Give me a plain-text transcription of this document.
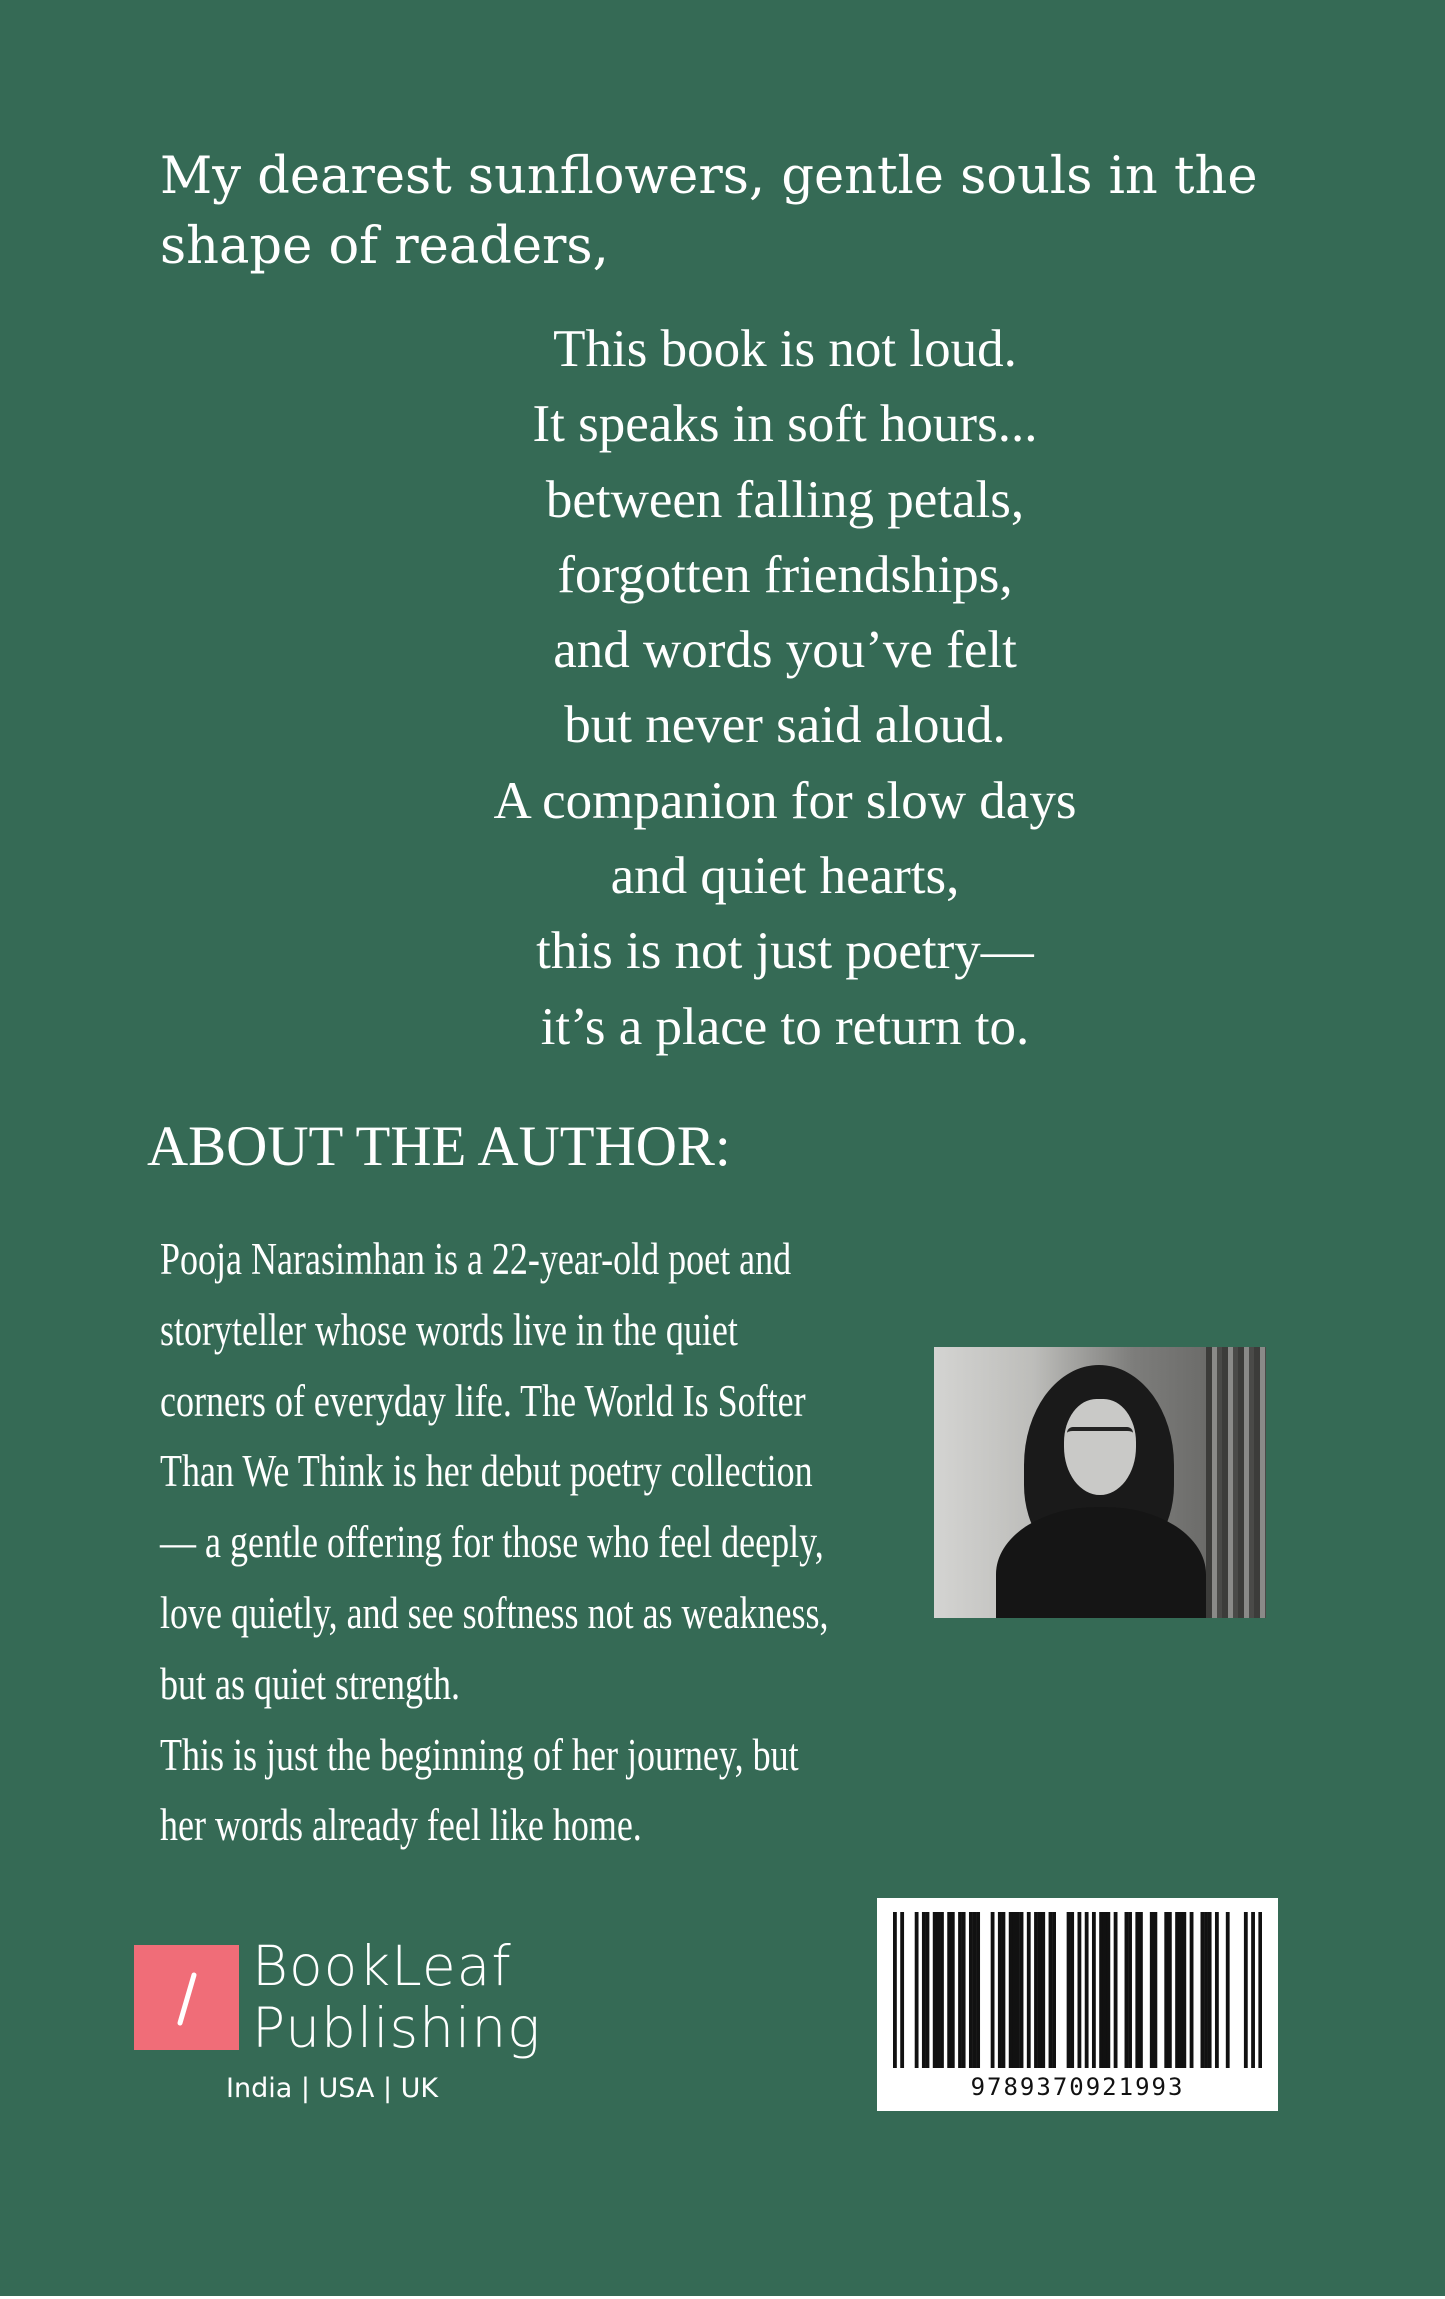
My dearest sunflowers, gentle souls in the shape of readers,

This book is not loud.
It speaks in soft hours...
between falling petals,
forgotten friendships,
and words you’ve felt
but never said aloud.
A companion for slow days
and quiet hearts,
this is not just poetry—
it’s a place to return to.
ABOUT THE AUTHOR:

Pooja Narasimhan is a 22-year-old poet and

storyteller whose words live in the quiet

corners of everyday life. The World Is Softer

Than We Think is her debut poetry collection

— a gentle offering for those who feel deeply,

love quietly, and see softness not as weakness,

but as quiet strength.

This is just the beginning of her journey, but

her words already feel like home.

BookLeaf
Publishing
India | USA | UK	9789370921993
